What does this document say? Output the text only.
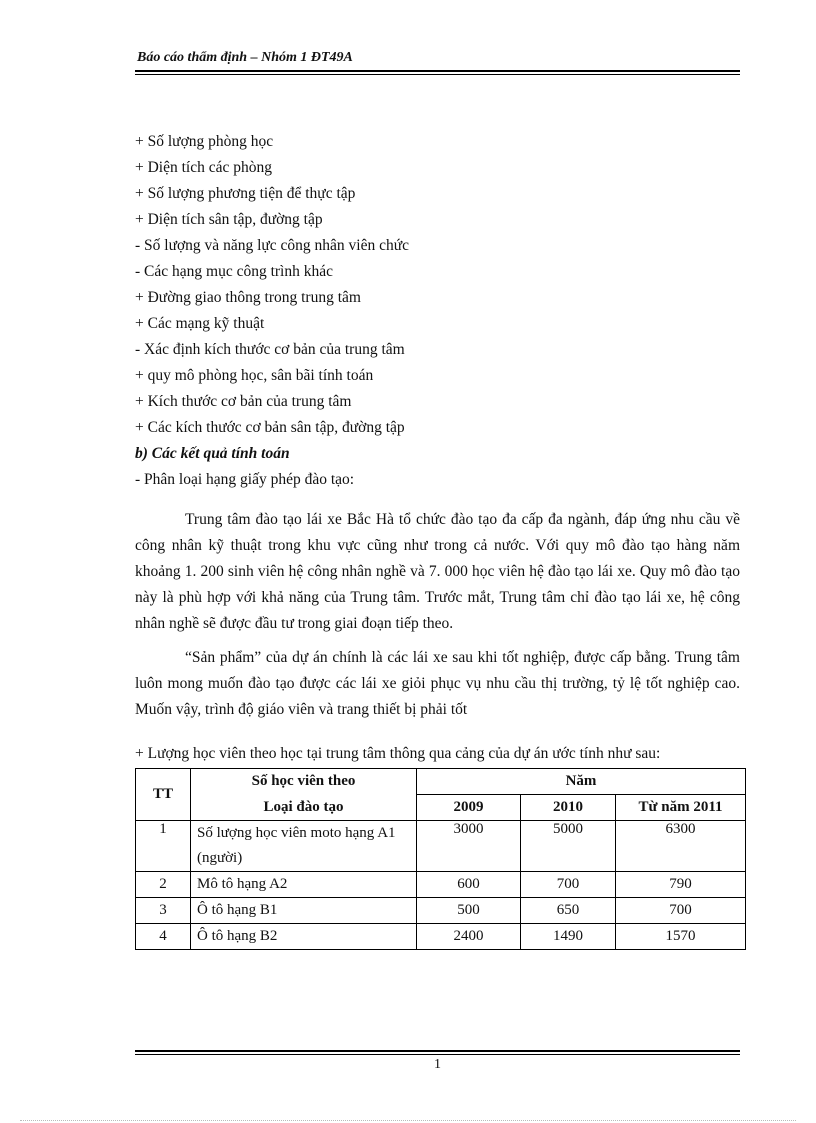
Báo cáo thẩm định – Nhóm 1 ĐT49A
+ Số lượng phòng học
+ Diện tích các phòng
+ Số lượng phương tiện để thực tập
+ Diện tích sân tập, đường tập
- Số lượng và năng lực công nhân viên chức
- Các hạng mục công trình khác
+ Đường giao thông trong trung tâm
+ Các mạng kỹ thuật
- Xác định kích thước cơ bản của trung tâm
+ quy mô phòng học, sân bãi tính toán
+ Kích thước cơ bản của trung tâm
+ Các kích thước cơ bản sân tập, đường tập
b) Các kết quả tính toán
- Phân loại hạng giấy phép đào tạo:

Trung tâm đào tạo lái xe Bắc Hà tổ chức đào tạo đa cấp đa ngành, đáp ứng nhu cầu về công nhân kỹ thuật trong khu vực cũng như trong cả nước. Với quy mô đào tạo hàng năm khoảng 1. 200 sinh viên hệ công nhân nghề và 7. 000 học viên hệ đào tạo lái xe. Quy mô đào tạo này là phù hợp với khả năng của Trung tâm. Trước mắt, Trung tâm chỉ đào tạo lái xe, hệ công nhân nghề sẽ được đầu tư trong giai đoạn tiếp theo.

“Sản phẩm” của dự án chính là các lái xe sau khi tốt nghiệp, được cấp bằng. Trung tâm luôn mong muốn đào tạo được các lái xe giỏi phục vụ nhu cầu thị trường, tỷ lệ tốt nghiệp cao. Muốn vậy, trình độ giáo viên và trang thiết bị phải tốt

+ Lượng học viên theo học tại trung tâm thông qua cảng của dự án ước tính như sau:

TT	Số học viên theo	Năm		
	Loại đào tạo	2009	2010	Từ năm 2011
1	Số lượng học viên moto hạng A1 (người)	3000	5000	6300
2	Mô tô hạng A2	600	700	790
3	Ô tô hạng B1	500	650	700
4	Ô tô hạng B2	2400	1490	1570
1
